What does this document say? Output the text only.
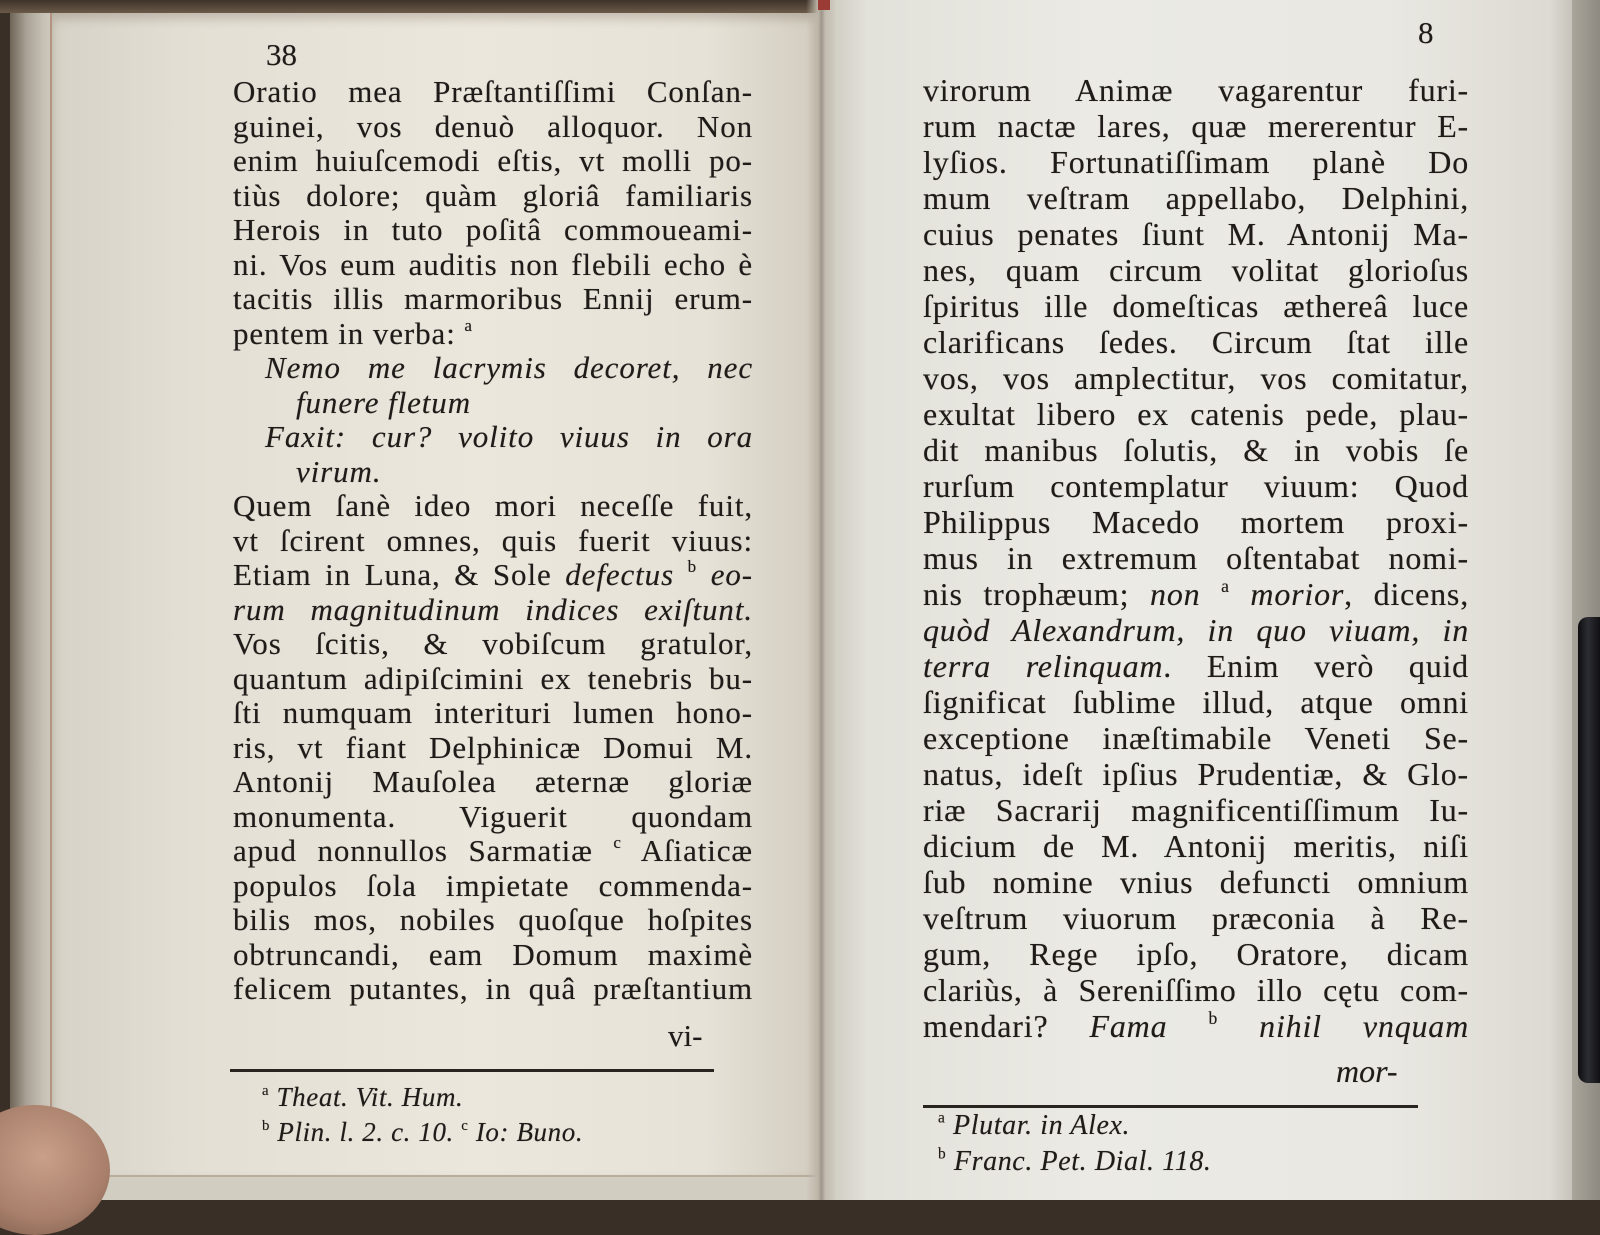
38
Oratio mea Præſtantiſſimi Conſan-
guinei, vos denuò alloquor. Non
enim huiuſcemodi eſtis, vt molli po-
tiùs dolore; quàm gloriâ familiaris
Herois in tuto poſitâ commoueami-
ni. Vos eum auditis non flebili echo è
tacitis illis marmoribus Ennij erum-
pentem in verba: $^a$
Nemo me lacrymis decoret, nec
funere fletum
Faxit: cur? volito viuus in ora
virum.
Quem ſanè ideo mori neceſſe fuit,
vt ſcirent omnes, quis fuerit viuus:
Etiam in Luna, & Sole defectus $^b$ eo-
rum magnitudinum indices exiſtunt.
Vos ſcitis, & vobiſcum gratulor,
quantum adipiſcimini ex tenebris bu-
ſti numquam interituri lumen hono-
ris, vt fiant Delphinicæ Domui M.
Antonij Mauſolea æternæ gloriæ
monumenta. Viguerit quondam
apud nonnullos Sarmatiæ $^c$ Aſiaticæ
populos ſola impietate commenda-
bilis mos, nobiles quoſque hoſpites
obtruncandi, eam Domum maximè
felicem putantes, in quâ præſtantium
vi-
$^a$ Theat. Vit. Hum.
$^b$ Plin. l. 2. c. 10. $^c$ Io: Buno.
8
virorum Animæ vagarentur furi-
rum nactæ lares, quæ mererentur E-
lyſios. Fortunatiſſimam planè Do
mum veſtram appellabo, Delphini,
cuius penates ſiunt M. Antonij Ma-
nes, quam circum volitat glorioſus
ſpiritus ille domeſticas æthereâ luce
clarificans ſedes. Circum ſtat ille
vos, vos amplectitur, vos comitatur,
exultat libero ex catenis pede, plau-
dit manibus ſolutis, & in vobis ſe
rurſum contemplatur viuum: Quod
Philippus Macedo mortem proxi-
mus in extremum oſtentabat nomi-
nis trophæum; non $^a$ morior, dicens,
quòd Alexandrum, in quo viuam, in
terra relinquam. Enim verò quid
ſignificat ſublime illud, atque omni
exceptione inæſtimabile Veneti Se-
natus, ideſt ipſius Prudentiæ, & Glo-
riæ Sacrarij magnificentiſſimum Iu-
dicium de M. Antonij meritis, niſi
ſub nomine vnius defuncti omnium
veſtrum viuorum præconia à Re-
gum, Rege ipſo, Oratore, dicam
clariùs, à Sereniſſimo illo cętu com-
mendari? Fama $^b$ nihil vnquam
mor-
$^a$ Plutar. in Alex.
$^b$ Franc. Pet. Dial. 118.
